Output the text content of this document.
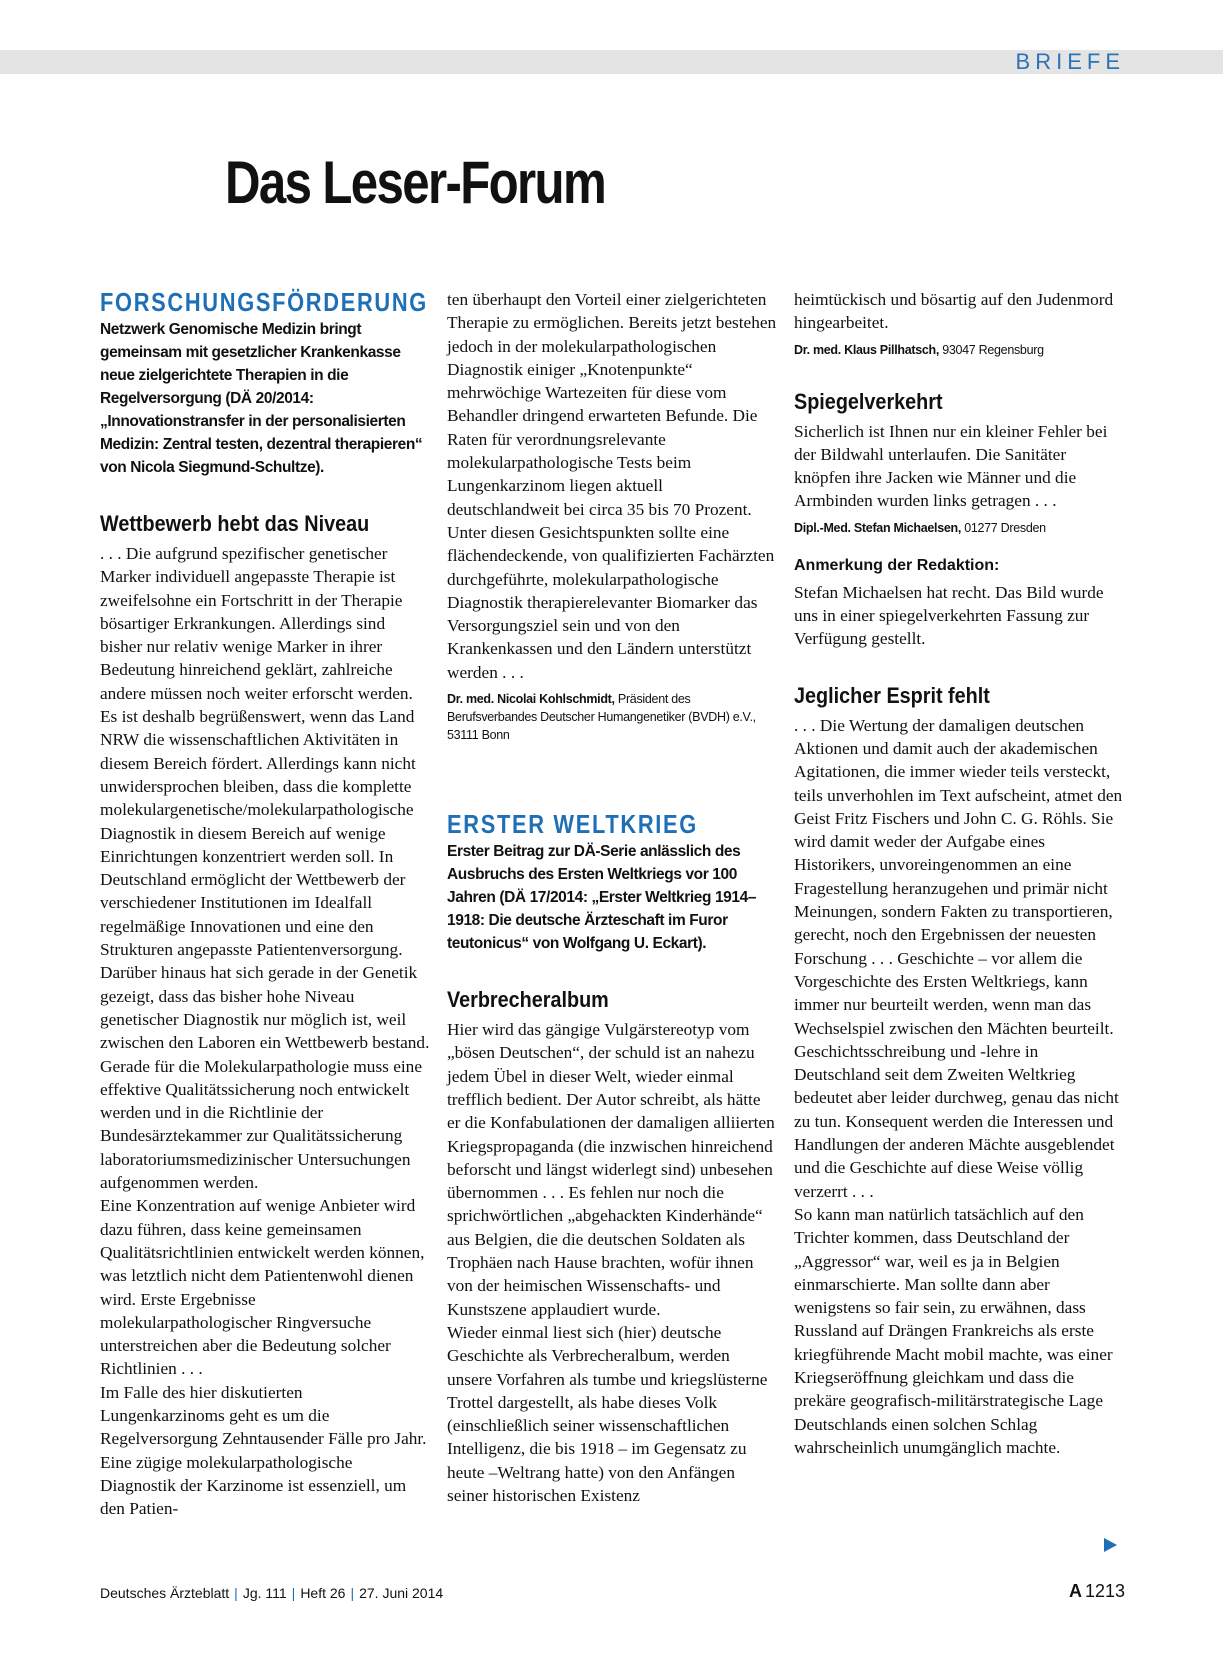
BRIEFE
Das Leser-Forum
FORSCHUNGSFÖRDERUNG

Netzwerk Genomische Medizin bringt gemeinsam mit gesetzlicher Krankenkasse neue zielgerichtete Therapien in die Regelversorgung (DÄ 20/2014: „Innovationstransfer in der personalisierten Medizin: Zentral testen, dezentral therapieren“ von Nicola Siegmund-Schultze).

Wettbewerb hebt das Niveau

. . . Die aufgrund spezifischer genetischer Marker individuell angepasste Therapie ist zweifelsohne ein Fortschritt in der Therapie bösartiger Erkrankungen. Allerdings sind bisher nur relativ wenige Marker in ihrer Bedeutung hinreichend geklärt, zahlreiche andere müssen noch weiter erforscht werden.
Es ist deshalb begrüßenswert, wenn das Land NRW die wissenschaftlichen Aktivitäten in diesem Bereich fördert. Allerdings kann nicht unwidersprochen bleiben, dass die komplette molekulargenetische/molekularpathologische Diagnostik in diesem Bereich auf wenige Einrichtungen konzentriert werden soll. In Deutschland ermöglicht der Wettbewerb der verschiedener Institutionen im Idealfall regelmäßige Innovationen und eine den Strukturen angepasste Patientenversorgung.
Darüber hinaus hat sich gerade in der Genetik gezeigt, dass das bisher hohe Niveau genetischer Diagnostik nur möglich ist, weil zwischen den Laboren ein Wettbewerb bestand. Gerade für die Molekularpathologie muss eine effektive Qualitätssicherung noch entwickelt werden und in die Richtlinie der Bundesärztekammer zur Qualitätssicherung laboratoriumsmedizinischer Untersuchungen aufgenommen werden.
Eine Konzentration auf wenige Anbieter wird dazu führen, dass keine gemeinsamen Qualitätsrichtlinien entwickelt werden können, was letztlich nicht dem Patientenwohl dienen wird. Erste Ergebnisse molekularpathologischer Ringversuche unterstreichen aber die Bedeutung solcher Richtlinien . . .
Im Falle des hier diskutierten Lungenkarzinoms geht es um die Regelversorgung Zehntausender Fälle pro Jahr. Eine zügige molekularpathologische Diagnostik der Karzinome ist essenziell, um den Patien-

ten überhaupt den Vorteil einer zielgerichteten Therapie zu ermöglichen. Bereits jetzt bestehen jedoch in der molekularpathologischen Diagnostik einiger „Knotenpunkte“ mehrwöchige Wartezeiten für diese vom Behandler dringend erwarteten Befunde. Die Raten für verordnungsrelevante molekularpathologische Tests beim Lungenkarzinom liegen aktuell deutschlandweit bei circa 35 bis 70 Prozent.
Unter diesen Gesichtspunkten sollte eine flächendeckende, von qualifizierten Fachärzten durchgeführte, molekularpathologische Diagnostik therapierelevanter Biomarker das Versorgungsziel sein und von den Krankenkassen und den Ländern unterstützt werden . . .

Dr. med. Nicolai Kohlschmidt, Präsident des Berufsverbandes Deutscher Humangenetiker (BVDH) e.V., 53111 Bonn

ERSTER WELTKRIEG

Erster Beitrag zur DÄ-Serie anlässlich des Ausbruchs des Ersten Weltkriegs vor 100 Jahren (DÄ 17/2014: „Erster Weltkrieg 1914–1918: Die deutsche Ärzteschaft im Furor teutonicus“ von Wolfgang U. Eckart).

Verbrecheralbum

Hier wird das gängige Vulgärstereotyp vom „bösen Deutschen“, der schuld ist an nahezu jedem Übel in dieser Welt, wieder einmal trefflich bedient. Der Autor schreibt, als hätte er die Konfabulationen der damaligen alliierten Kriegspropaganda (die inzwischen hinreichend beforscht und längst widerlegt sind) unbesehen übernommen . . . Es fehlen nur noch die sprichwörtlichen „abgehackten Kinderhände“ aus Belgien, die die deutschen Soldaten als Trophäen nach Hause brachten, wofür ihnen von der heimischen Wissenschafts- und Kunstszene applaudiert wurde.
Wieder einmal liest sich (hier) deutsche Geschichte als Verbrecheralbum, werden unsere Vorfahren als tumbe und kriegslüsterne Trottel dargestellt, als habe dieses Volk (einschließlich seiner wissenschaftlichen Intelligenz, die bis 1918 – im Gegensatz zu heute –Weltrang hatte) von den Anfängen seiner historischen Existenz

heimtückisch und bösartig auf den Judenmord hingearbeitet.

Dr. med. Klaus Pillhatsch, 93047 Regensburg

Spiegelverkehrt

Sicherlich ist Ihnen nur ein kleiner Fehler bei der Bildwahl unterlaufen. Die Sanitäter knöpfen ihre Jacken wie Männer und die Armbinden wurden links getragen . . .

Dipl.-Med. Stefan Michaelsen, 01277 Dresden

Anmerkung der Redaktion:

Stefan Michaelsen hat recht. Das Bild wurde uns in einer spiegelverkehrten Fassung zur Verfügung gestellt.

Jeglicher Esprit fehlt

. . . Die Wertung der damaligen deutschen Aktionen und damit auch der akademischen Agitationen, die immer wieder teils versteckt, teils unverhohlen im Text aufscheint, atmet den Geist Fritz Fischers und John C. G. Röhls. Sie wird damit weder der Aufgabe eines Historikers, unvoreingenommen an eine Fragestellung heranzugehen und primär nicht Meinungen, sondern Fakten zu transportieren, gerecht, noch den Ergebnissen der neuesten Forschung . . . Geschichte – vor allem die Vorgeschichte des Ersten Weltkriegs, kann immer nur beurteilt werden, wenn man das Wechselspiel zwischen den Mächten beurteilt.
Geschichtsschreibung und -lehre in Deutschland seit dem Zweiten Weltkrieg bedeutet aber leider durchweg, genau das nicht zu tun. Konsequent werden die Interessen und Handlungen der anderen Mächte ausgeblendet und die Geschichte auf diese Weise völlig verzerrt . . .
So kann man natürlich tatsächlich auf den Trichter kommen, dass Deutschland der „Aggressor“ war, weil es ja in Belgien einmarschierte. Man sollte dann aber wenigstens so fair sein, zu erwähnen, dass Russland auf Drängen Frankreichs als erste kriegführende Macht mobil machte, was einer Kriegseröffnung gleichkam und dass die prekäre geografisch-militärstrategische Lage Deutschlands einen solchen Schlag wahrscheinlich unumgänglich machte.

Deutsches Ärzteblatt | Jg. 111 | Heft 26 | 27. Juni 2014	A 1213
